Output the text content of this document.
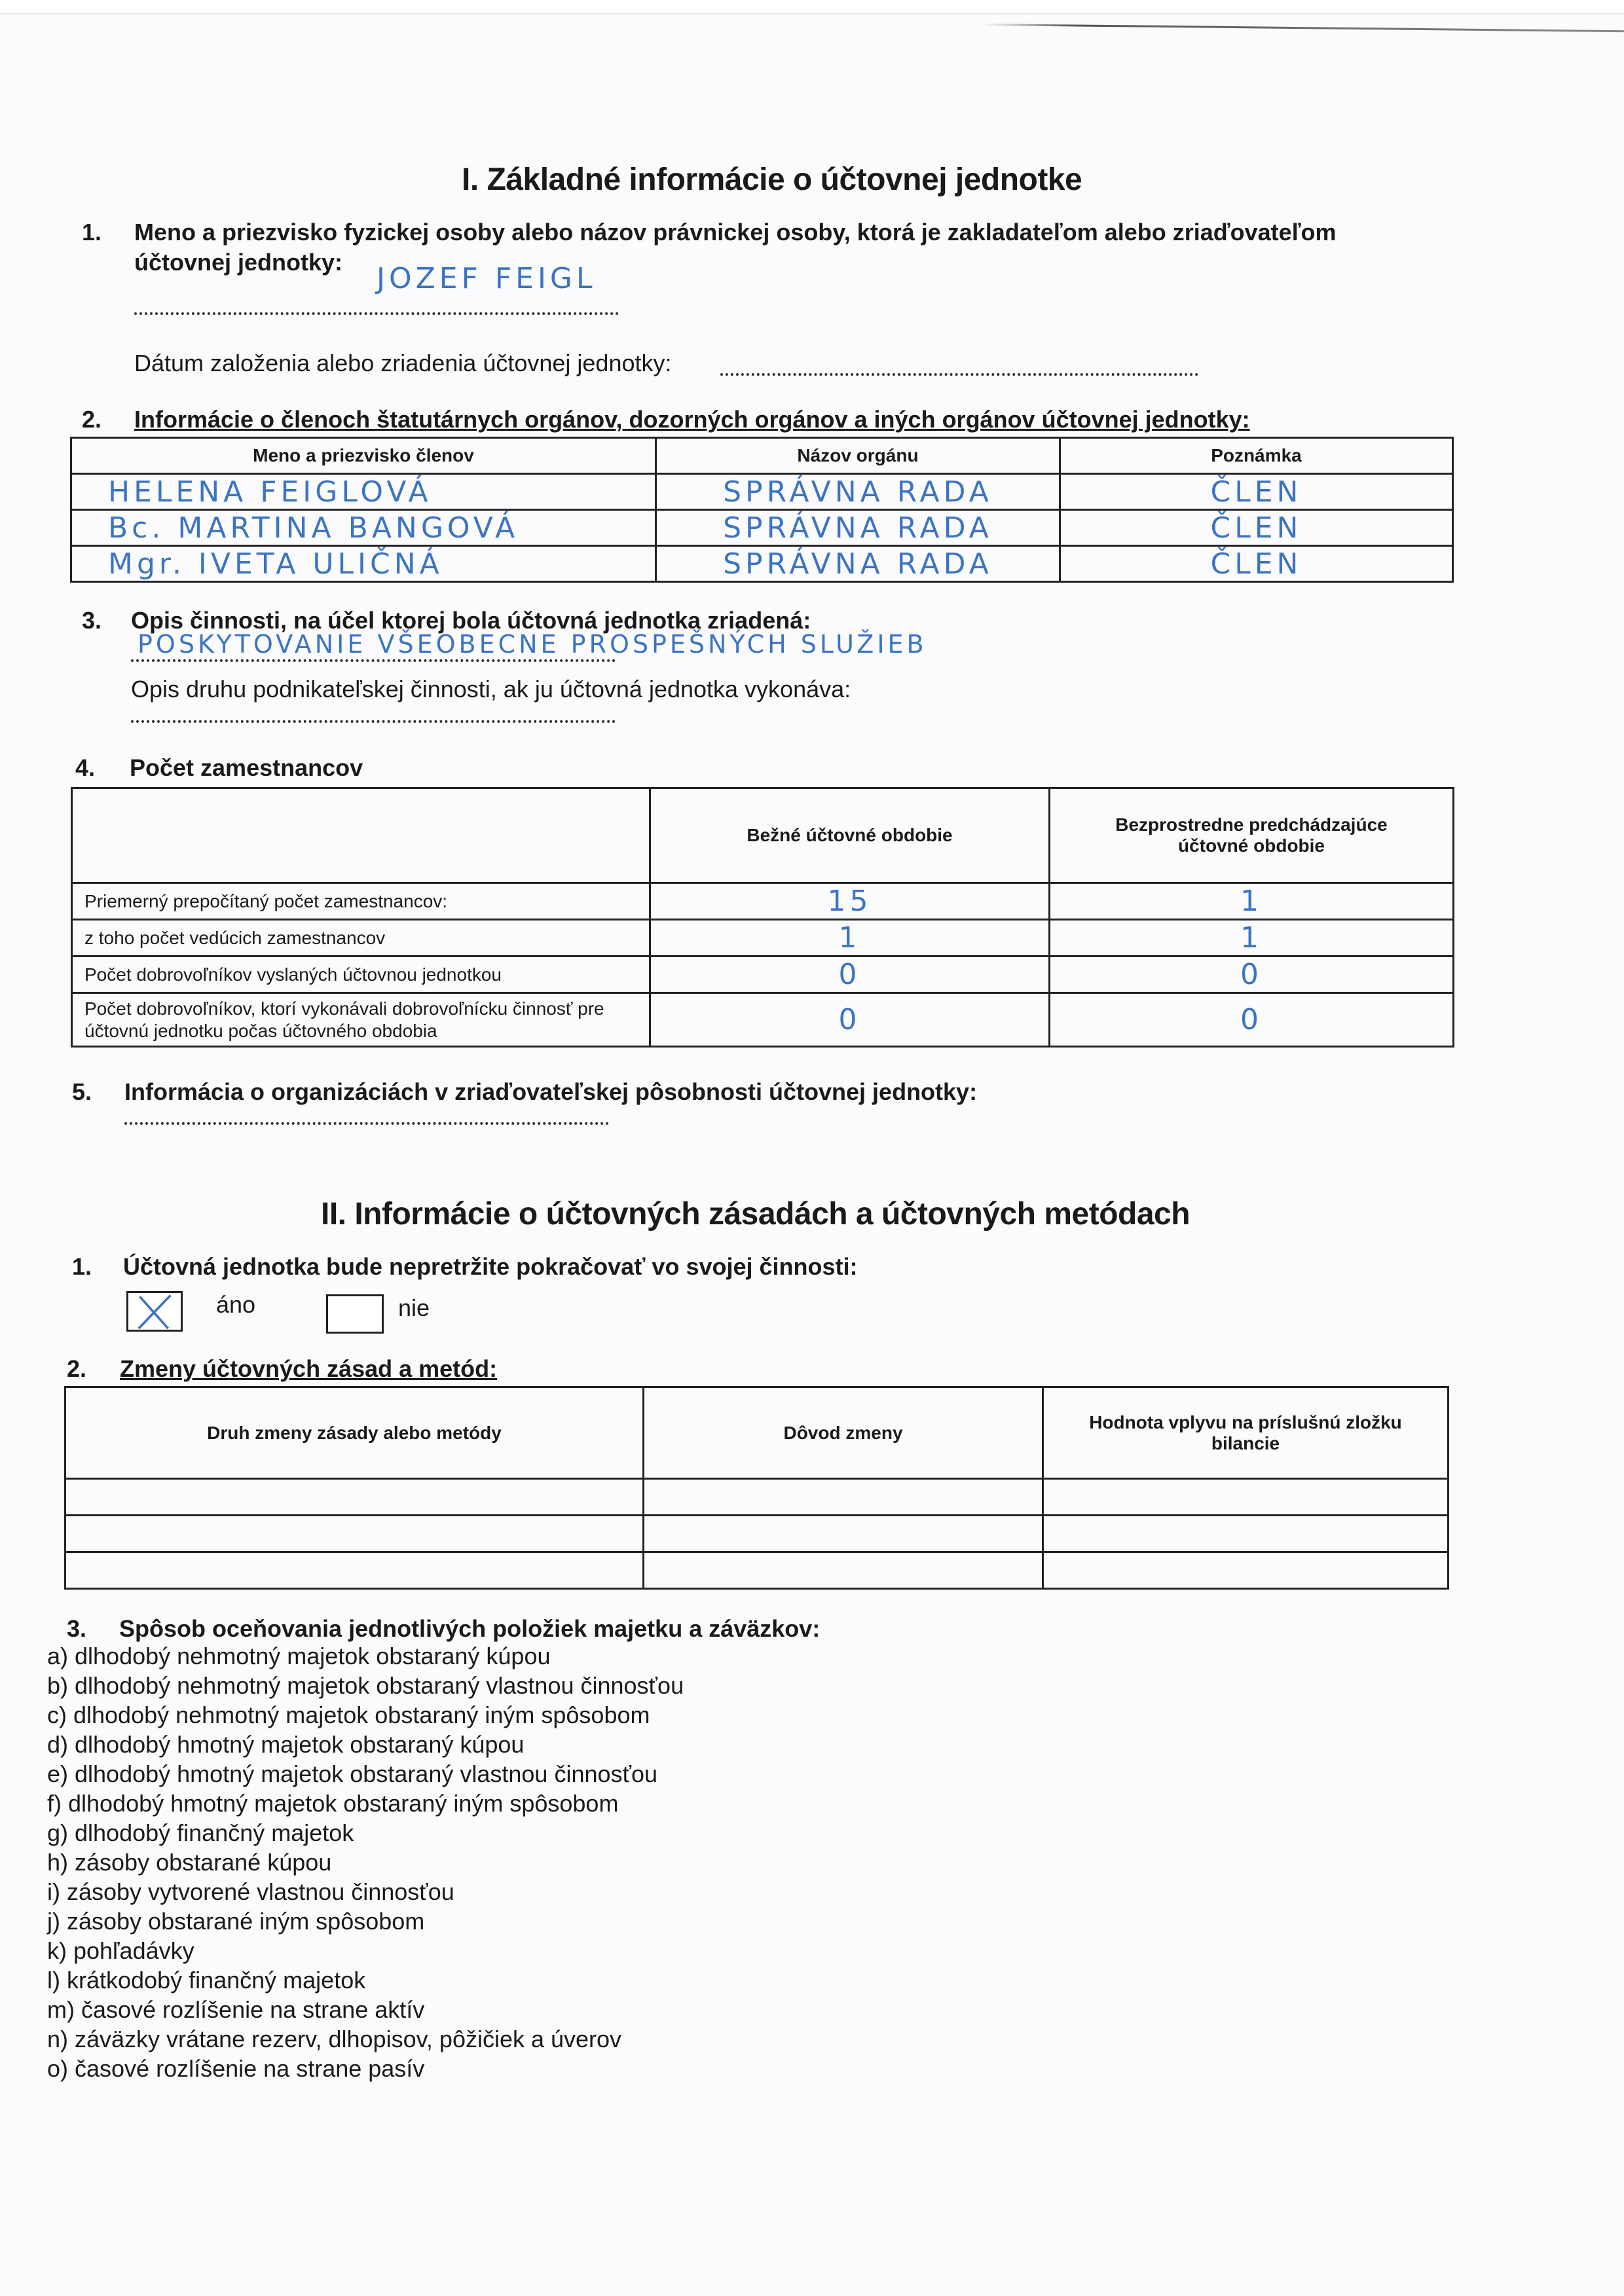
I. Základné informácie o účtovnej jednotke
1. Meno a priezvisko fyzickej osoby alebo názov právnickej osoby, ktorá je zakladateľom alebo zriaďovateľom
účtovnej jednotky: JOZEF FEIGL
Dátum založenia alebo zriadenia účtovnej jednotky:
2. Informácie o členoch štatutárnych orgánov, dozorných orgánov a iných orgánov účtovnej jednotky:
Meno a priezvisko členov	Názov orgánu	Poznámka
HELENA FEIGLOVÁ	SPRÁVNA RADA	ČLEN
Bc. MARTINA BANGOVÁ	SPRÁVNA RADA	ČLEN
Mgr. IVETA ULIČNÁ	SPRÁVNA RADA	ČLEN
3. Opis činnosti, na účel ktorej bola účtovná jednotka zriadená:
POSKYTOVANIE VŠEOBECNE PROSPEŠNÝCH SLUŽIEB
Opis druhu podnikateľskej činnosti, ak ju účtovná jednotka vykonáva:
4. Počet zamestnancov
	Bežné účtovné obdobie	Bezprostredne predchádzajúce účtovné obdobie
Priemerný prepočítaný počet zamestnancov:	15	1
z toho počet vedúcich zamestnancov	1	1
Počet dobrovoľníkov vyslaných účtovnou jednotkou	0	0
Počet dobrovoľníkov, ktorí vykonávali dobrovoľnícku činnosť pre účtovnú jednotku počas účtovného obdobia	0	0
5. Informácia o organizáciách v zriaďovateľskej pôsobnosti účtovnej jednotky:
II. Informácie o účtovných zásadách a účtovných metódach
1. Účtovná jednotka bude nepretržite pokračovať vo svojej činnosti:
áno	nie
2. Zmeny účtovných zásad a metód:
Druh zmeny zásady alebo metódy	Dôvod zmeny	Hodnota vplyvu na príslušnú zložku bilancie

3. Spôsob oceňovania jednotlivých položiek majetku a záväzkov:
a) dlhodobý nehmotný majetok obstaraný kúpou
b) dlhodobý nehmotný majetok obstaraný vlastnou činnosťou
c) dlhodobý nehmotný majetok obstaraný iným spôsobom
d) dlhodobý hmotný majetok obstaraný kúpou
e) dlhodobý hmotný majetok obstaraný vlastnou činnosťou
f) dlhodobý hmotný majetok obstaraný iným spôsobom
g) dlhodobý finančný majetok
h) zásoby obstarané kúpou
i) zásoby vytvorené vlastnou činnosťou
j) zásoby obstarané iným spôsobom
k) pohľadávky
l) krátkodobý finančný majetok
m) časové rozlíšenie na strane aktív
n) záväzky vrátane rezerv, dlhopisov, pôžičiek a úverov
o) časové rozlíšenie na strane pasív
